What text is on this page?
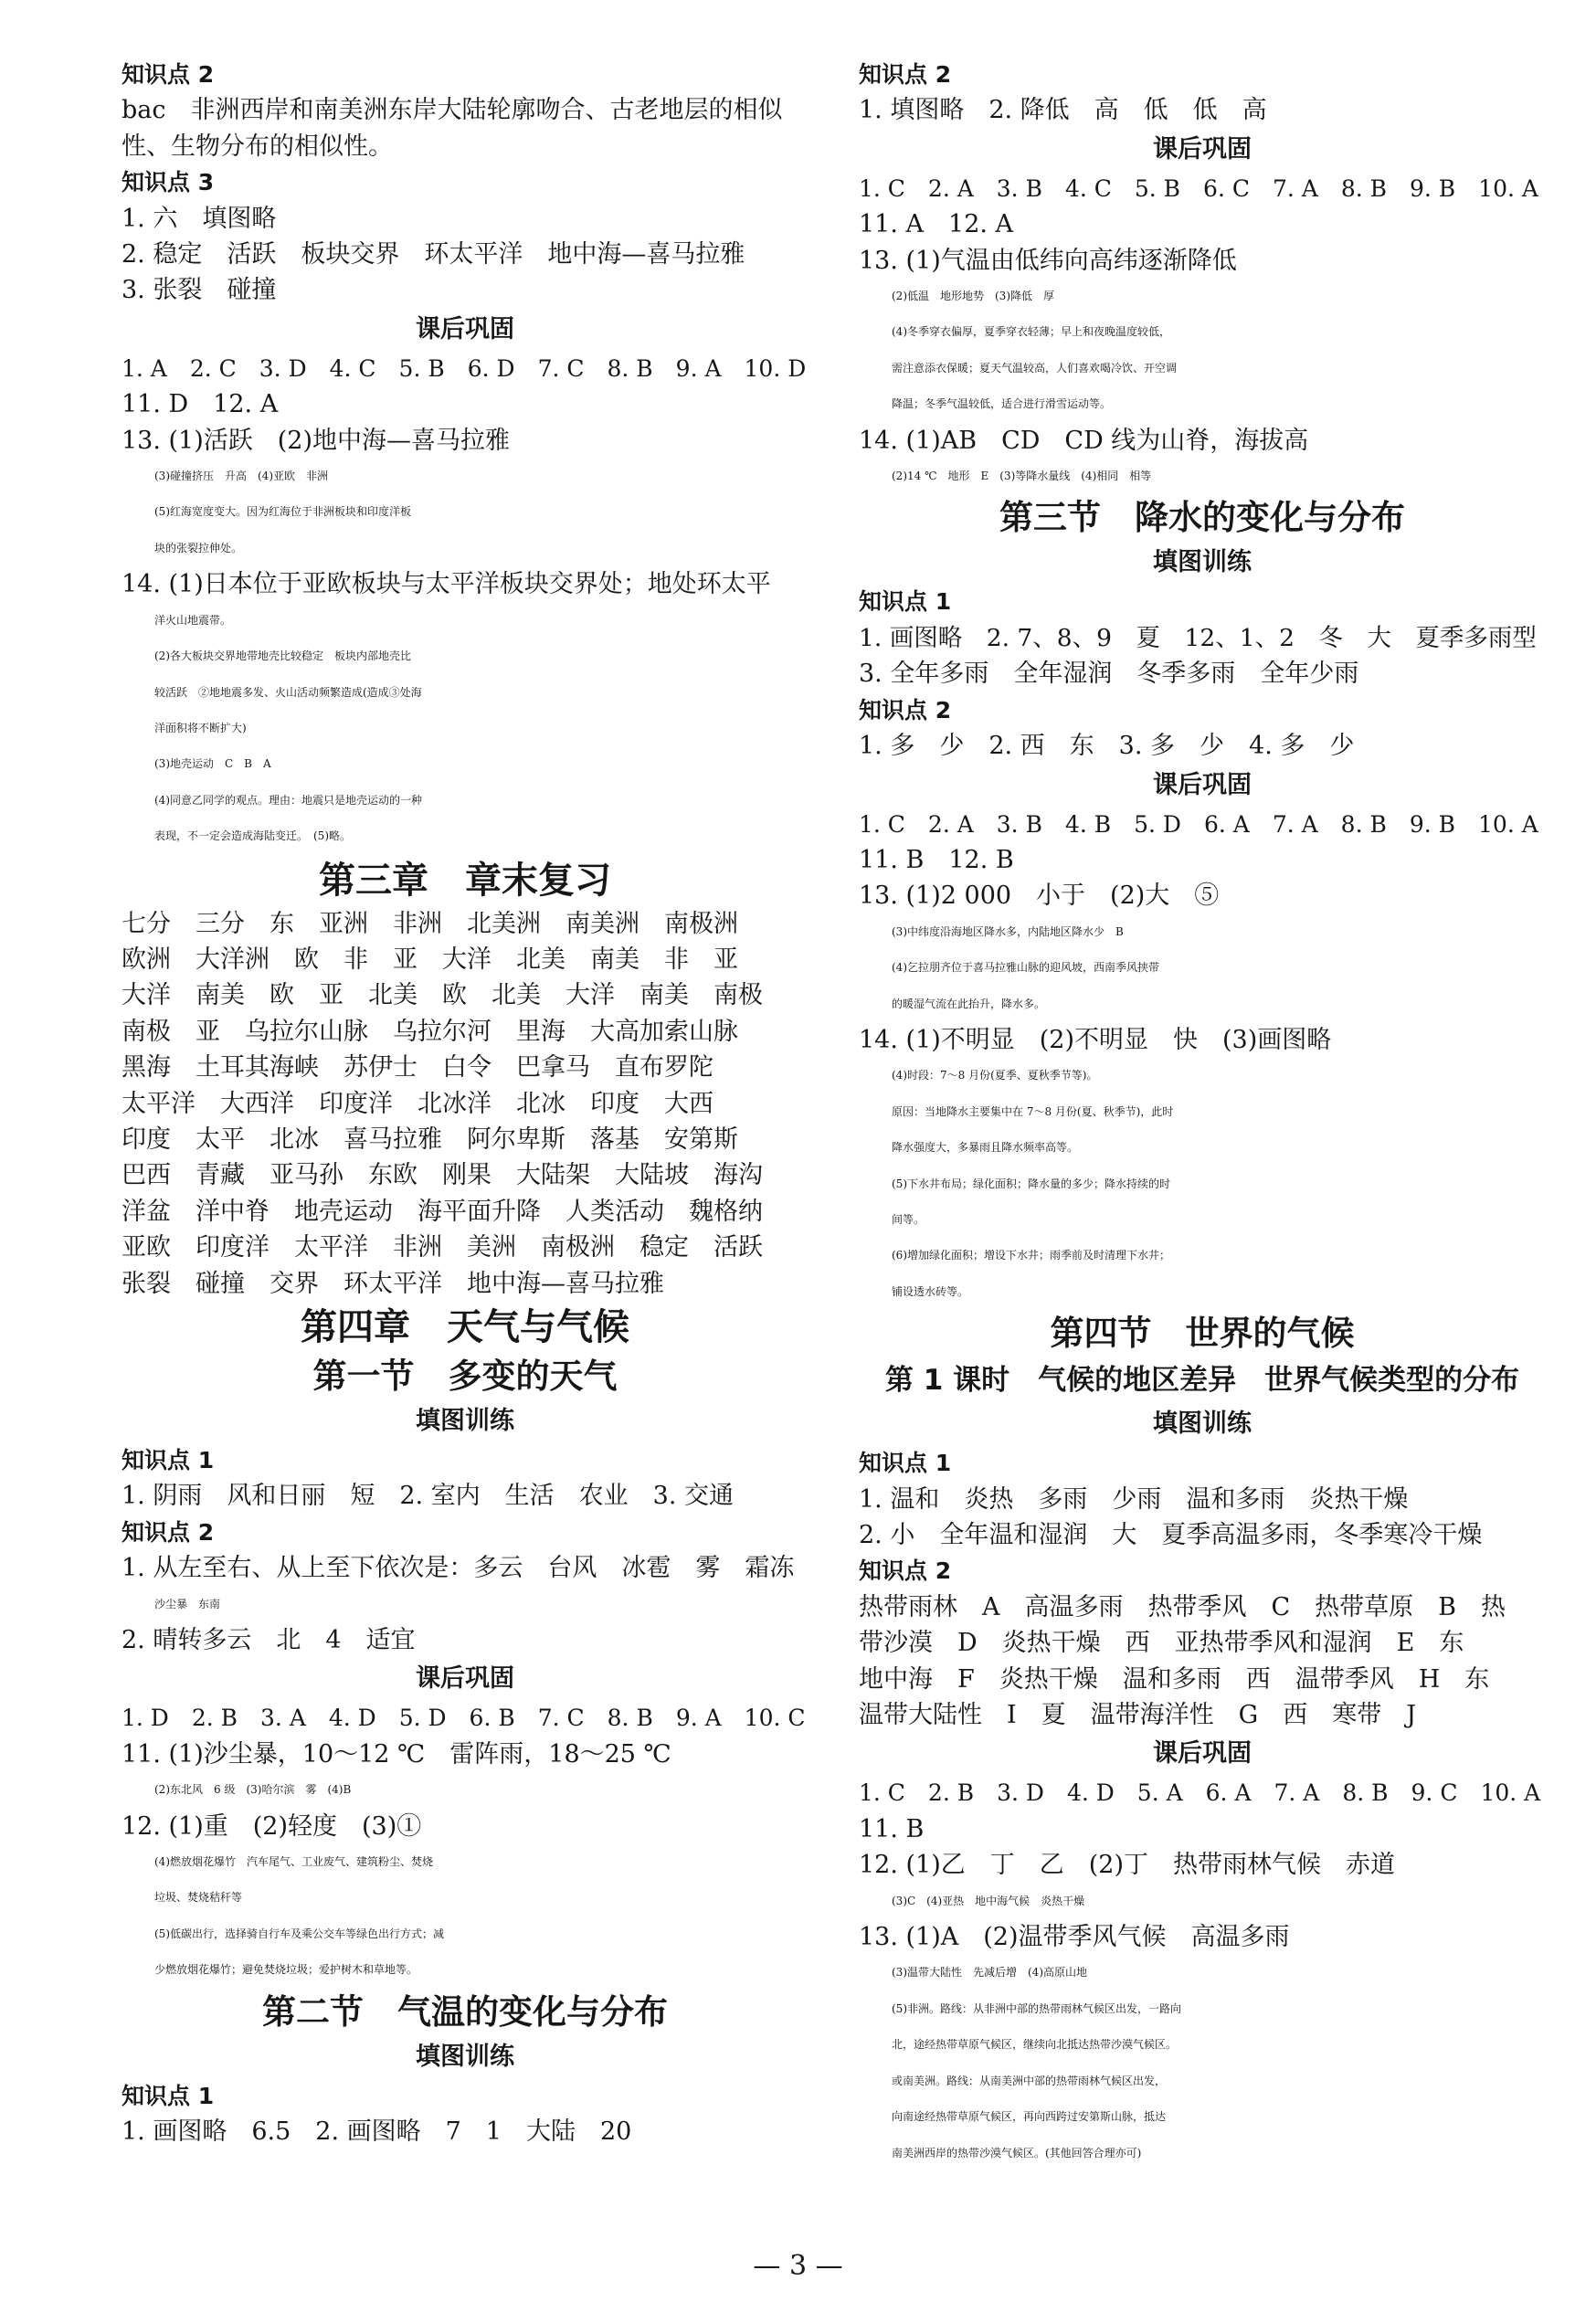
知识点 2
bac　非洲西岸和南美洲东岸大陆轮廓吻合、古老地层的相似
性、生物分布的相似性。
知识点 3
1. 六　填图略
2. 稳定　活跃　板块交界　环太平洋　地中海—喜马拉雅
3. 张裂　碰撞
课后巩固
1. A　2. C　3. D　4. C　5. B　6. D　7. C　8. B　9. A　10. D
11. D　12. A
13. (1)活跃　(2)地中海—喜马拉雅
(3)碰撞挤压　升高　(4)亚欧　非洲
(5)红海宽度变大。因为红海位于非洲板块和印度洋板
块的张裂拉伸处。
14. (1)日本位于亚欧板块与太平洋板块交界处；地处环太平
洋火山地震带。
(2)各大板块交界地带地壳比较稳定　板块内部地壳比
较活跃　②地地震多发、火山活动频繁造成(造成③处海
洋面积将不断扩大)
(3)地壳运动　C　B　A
(4)同意乙同学的观点。理由：地震只是地壳运动的一种
表现，不一定会造成海陆变迁。　(5)略。
第三章　章末复习
七分　三分　东　亚洲　非洲　北美洲　南美洲　南极洲
欧洲　大洋洲　欧　非　亚　大洋　北美　南美　非　亚
大洋　南美　欧　亚　北美　欧　北美　大洋　南美　南极
南极　亚　乌拉尔山脉　乌拉尔河　里海　大高加索山脉
黑海　土耳其海峡　苏伊士　白令　巴拿马　直布罗陀
太平洋　大西洋　印度洋　北冰洋　北冰　印度　大西
印度　太平　北冰　喜马拉雅　阿尔卑斯　落基　安第斯
巴西　青藏　亚马孙　东欧　刚果　大陆架　大陆坡　海沟
洋盆　洋中脊　地壳运动　海平面升降　人类活动　魏格纳
亚欧　印度洋　太平洋　非洲　美洲　南极洲　稳定　活跃
张裂　碰撞　交界　环太平洋　地中海—喜马拉雅
第四章　天气与气候
第一节　多变的天气
填图训练
知识点 1
1. 阴雨　风和日丽　短　2. 室内　生活　农业　3. 交通
知识点 2
1. 从左至右、从上至下依次是：多云　台风　冰雹　雾　霜冻
沙尘暴　东南
2. 晴转多云　北　4　适宜
课后巩固
1. D　2. B　3. A　4. D　5. D　6. B　7. C　8. B　9. A　10. C
11. (1)沙尘暴，10～12 ℃　雷阵雨，18～25 ℃
(2)东北风　6 级　(3)哈尔滨　雾　(4)B
12. (1)重　(2)轻度　(3)①
(4)燃放烟花爆竹　汽车尾气、工业废气、建筑粉尘、焚烧
垃圾、焚烧秸秆等
(5)低碳出行，选择骑自行车及乘公交车等绿色出行方式；减
少燃放烟花爆竹；避免焚烧垃圾；爱护树木和草地等。
第二节　气温的变化与分布
填图训练
知识点 1
1. 画图略　6.5　2. 画图略　7　1　大陆　20
知识点 2
1. 填图略　2. 降低　高　低　低　高
课后巩固
1. C　2. A　3. B　4. C　5. B　6. C　7. A　8. B　9. B　10. A
11. A　12. A
13. (1)气温由低纬向高纬逐渐降低
(2)低温　地形地势　(3)降低　厚
(4)冬季穿衣偏厚，夏季穿衣轻薄；早上和夜晚温度较低，
需注意添衣保暖；夏天气温较高，人们喜欢喝冷饮、开空调
降温；冬季气温较低，适合进行滑雪运动等。
14. (1)AB　CD　CD 线为山脊，海拔高
(2)14 ℃　地形　E　(3)等降水量线　(4)相同　相等
第三节　降水的变化与分布
填图训练
知识点 1
1. 画图略　2. 7、8、9　夏　12、1、2　冬　大　夏季多雨型
3. 全年多雨　全年湿润　冬季多雨　全年少雨
知识点 2
1. 多　少　2. 西　东　3. 多　少　4. 多　少
课后巩固
1. C　2. A　3. B　4. B　5. D　6. A　7. A　8. B　9. B　10. A
11. B　12. B
13. (1)2 000　小于　(2)大　⑤
(3)中纬度沿海地区降水多，内陆地区降水少　B
(4)乞拉朋齐位于喜马拉雅山脉的迎风坡，西南季风挟带
的暖湿气流在此抬升，降水多。
14. (1)不明显　(2)不明显　快　(3)画图略
(4)时段：7～8 月份(夏季、夏秋季节等)。
原因：当地降水主要集中在 7～8 月份(夏、秋季节)，此时
降水强度大，多暴雨且降水频率高等。
(5)下水井布局；绿化面积；降水量的多少；降水持续的时
间等。
(6)增加绿化面积；增设下水井；雨季前及时清理下水井；
铺设透水砖等。
第四节　世界的气候
第 1 课时　气候的地区差异　世界气候类型的分布
填图训练
知识点 1
1. 温和　炎热　多雨　少雨　温和多雨　炎热干燥
2. 小　全年温和湿润　大　夏季高温多雨，冬季寒冷干燥
知识点 2
热带雨林　A　高温多雨　热带季风　C　热带草原　B　热
带沙漠　D　炎热干燥　西　亚热带季风和湿润　E　东
地中海　F　炎热干燥　温和多雨　西　温带季风　H　东
温带大陆性　I　夏　温带海洋性　G　西　寒带　J
课后巩固
1. C　2. B　3. D　4. D　5. A　6. A　7. A　8. B　9. C　10. A
11. B
12. (1)乙　丁　乙　(2)丁　热带雨林气候　赤道
(3)C　(4)亚热　地中海气候　炎热干燥
13. (1)A　(2)温带季风气候　高温多雨
(3)温带大陆性　先减后增　(4)高原山地
(5)非洲。路线：从非洲中部的热带雨林气候区出发，一路向
北，途经热带草原气候区，继续向北抵达热带沙漠气候区。
或南美洲。路线：从南美洲中部的热带雨林气候区出发，
向南途经热带草原气候区，再向西跨过安第斯山脉，抵达
南美洲西岸的热带沙漠气候区。(其他回答合理亦可)
— 3 —
